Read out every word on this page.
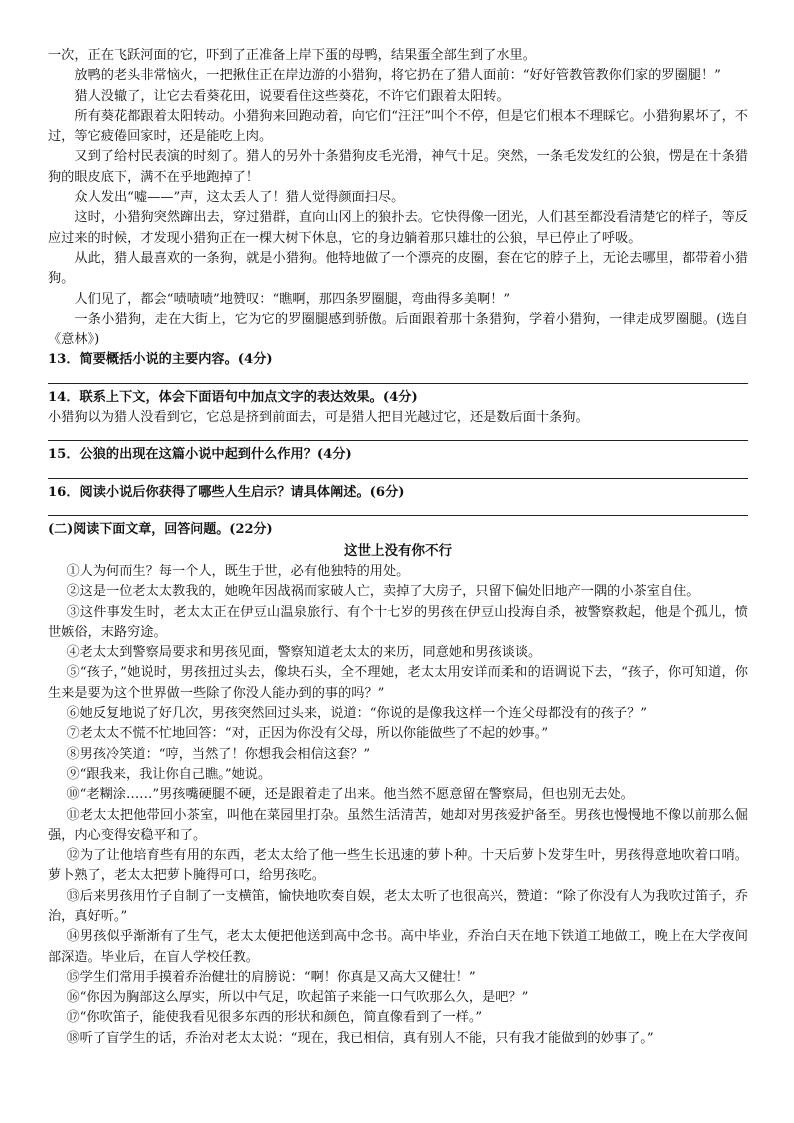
一次，正在飞跃河面的它，吓到了正准备上岸下蛋的母鸭，结果蛋全部生到了水里。

放鸭的老头非常恼火，一把揪住正在岸边游的小猎狗，将它扔在了猎人面前：“好好管教管教你们家的罗圈腿！”

猎人没辙了，让它去看葵花田，说要看住这些葵花，不许它们跟着太阳转。

所有葵花都跟着太阳转动。小猎狗来回跑动着，向它们“汪汪”叫个不停，但是它们根本不理睬它。小猎狗累坏了，不过，等它疲倦回家时，还是能吃上肉。

又到了给村民表演的时刻了。猎人的另外十条猎狗皮毛光滑，神气十足。突然，一条毛发发红的公狼，愣是在十条猎狗的眼皮底下，满不在乎地跑掉了！

众人发出“嘘——”声，这太丢人了！猎人觉得颜面扫尽。

这时，小猎狗突然蹿出去，穿过猎群，直向山冈上的狼扑去。它快得像一团光，人们甚至都没看清楚它的样子，等反应过来的时候，才发现小猎狗正在一棵大树下休息，它的身边躺着那只雄壮的公狼，早已停止了呼吸。

从此，猎人最喜欢的一条狗，就是小猎狗。他特地做了一个漂亮的皮圈，套在它的脖子上，无论去哪里，都带着小猎狗。

人们见了，都会“啧啧啧”地赞叹：“瞧啊，那四条罗圈腿，弯曲得多美啊！”

一条小猎狗，走在大街上，它为它的罗圈腿感到骄傲。后面跟着那十条猎狗，学着小猎狗，一律走成罗圈腿。(选自《意林》)

13．简要概括小说的主要内容。(4分)

14．联系上下文，体会下面语句中加点文字的表达效果。(4分)

小猎狗以为猎人没看到它，它总是挤到前面去，可是猎人把目光越过它，还是数后面十条狗。

15．公狼的出现在这篇小说中起到什么作用？(4分)

16．阅读小说后你获得了哪些人生启示？请具体阐述。(6分)

(二)阅读下面文章，回答问题。(22分)

这世上没有你不行

①人为何而生？每一个人，既生于世，必有他独特的用处。

②这是一位老太太教我的，她晚年因战祸而家破人亡，卖掉了大房子，只留下偏处旧地产一隅的小茶室自住。

③这件事发生时，老太太正在伊豆山温泉旅行、有个十七岁的男孩在伊豆山投海自杀，被警察救起，他是个孤儿，愤世嫉俗，末路穷途。

④老太太到警察局要求和男孩见面，警察知道老太太的来历，同意她和男孩谈谈。

⑤“孩子，”她说时，男孩扭过头去，像块石头，全不理她，老太太用安详而柔和的语调说下去，“孩子，你可知道，你生来是要为这个世界做一些除了你没人能办到的事的吗？”

⑥她反复地说了好几次，男孩突然回过头来，说道：“你说的是像我这样一个连父母都没有的孩子？”

⑦老太太不慌不忙地回答：“对，正因为你没有父母，所以你能做些了不起的妙事。”

⑧男孩冷笑道：“哼，当然了！你想我会相信这套？”

⑨“跟我来，我让你自己瞧。”她说。

⑩“老糊涂……”男孩嘴硬腿不硬，还是跟着走了出来。他当然不愿意留在警察局，但也别无去处。

⑪老太太把他带回小茶室，叫他在菜园里打杂。虽然生活清苦，她却对男孩爱护备至。男孩也慢慢地不像以前那么倔强，内心变得安稳平和了。

⑫为了让他培育些有用的东西，老太太给了他一些生长迅速的萝卜种。十天后萝卜发芽生叶，男孩得意地吹着口哨。萝卜熟了，老太太把萝卜腌得可口，给男孩吃。

⑬后来男孩用竹子自制了一支横笛，愉快地吹奏自娱，老太太听了也很高兴，赞道：“除了你没有人为我吹过笛子，乔治，真好听。”

⑭男孩似乎渐渐有了生气，老太太便把他送到高中念书。高中毕业，乔治白天在地下铁道工地做工，晚上在大学夜间部深造。毕业后，在盲人学校任教。

⑮学生们常用手摸着乔治健壮的肩膀说：“啊！你真是又高大又健壮！”

⑯“你因为胸部这么厚实，所以中气足，吹起笛子来能一口气吹那么久，是吧？”

⑰“你吹笛子，能使我看见很多东西的形状和颜色，简直像看到了一样。”

⑱听了盲学生的话，乔治对老太太说：“现在，我已相信，真有别人不能，只有我才能做到的妙事了。”
